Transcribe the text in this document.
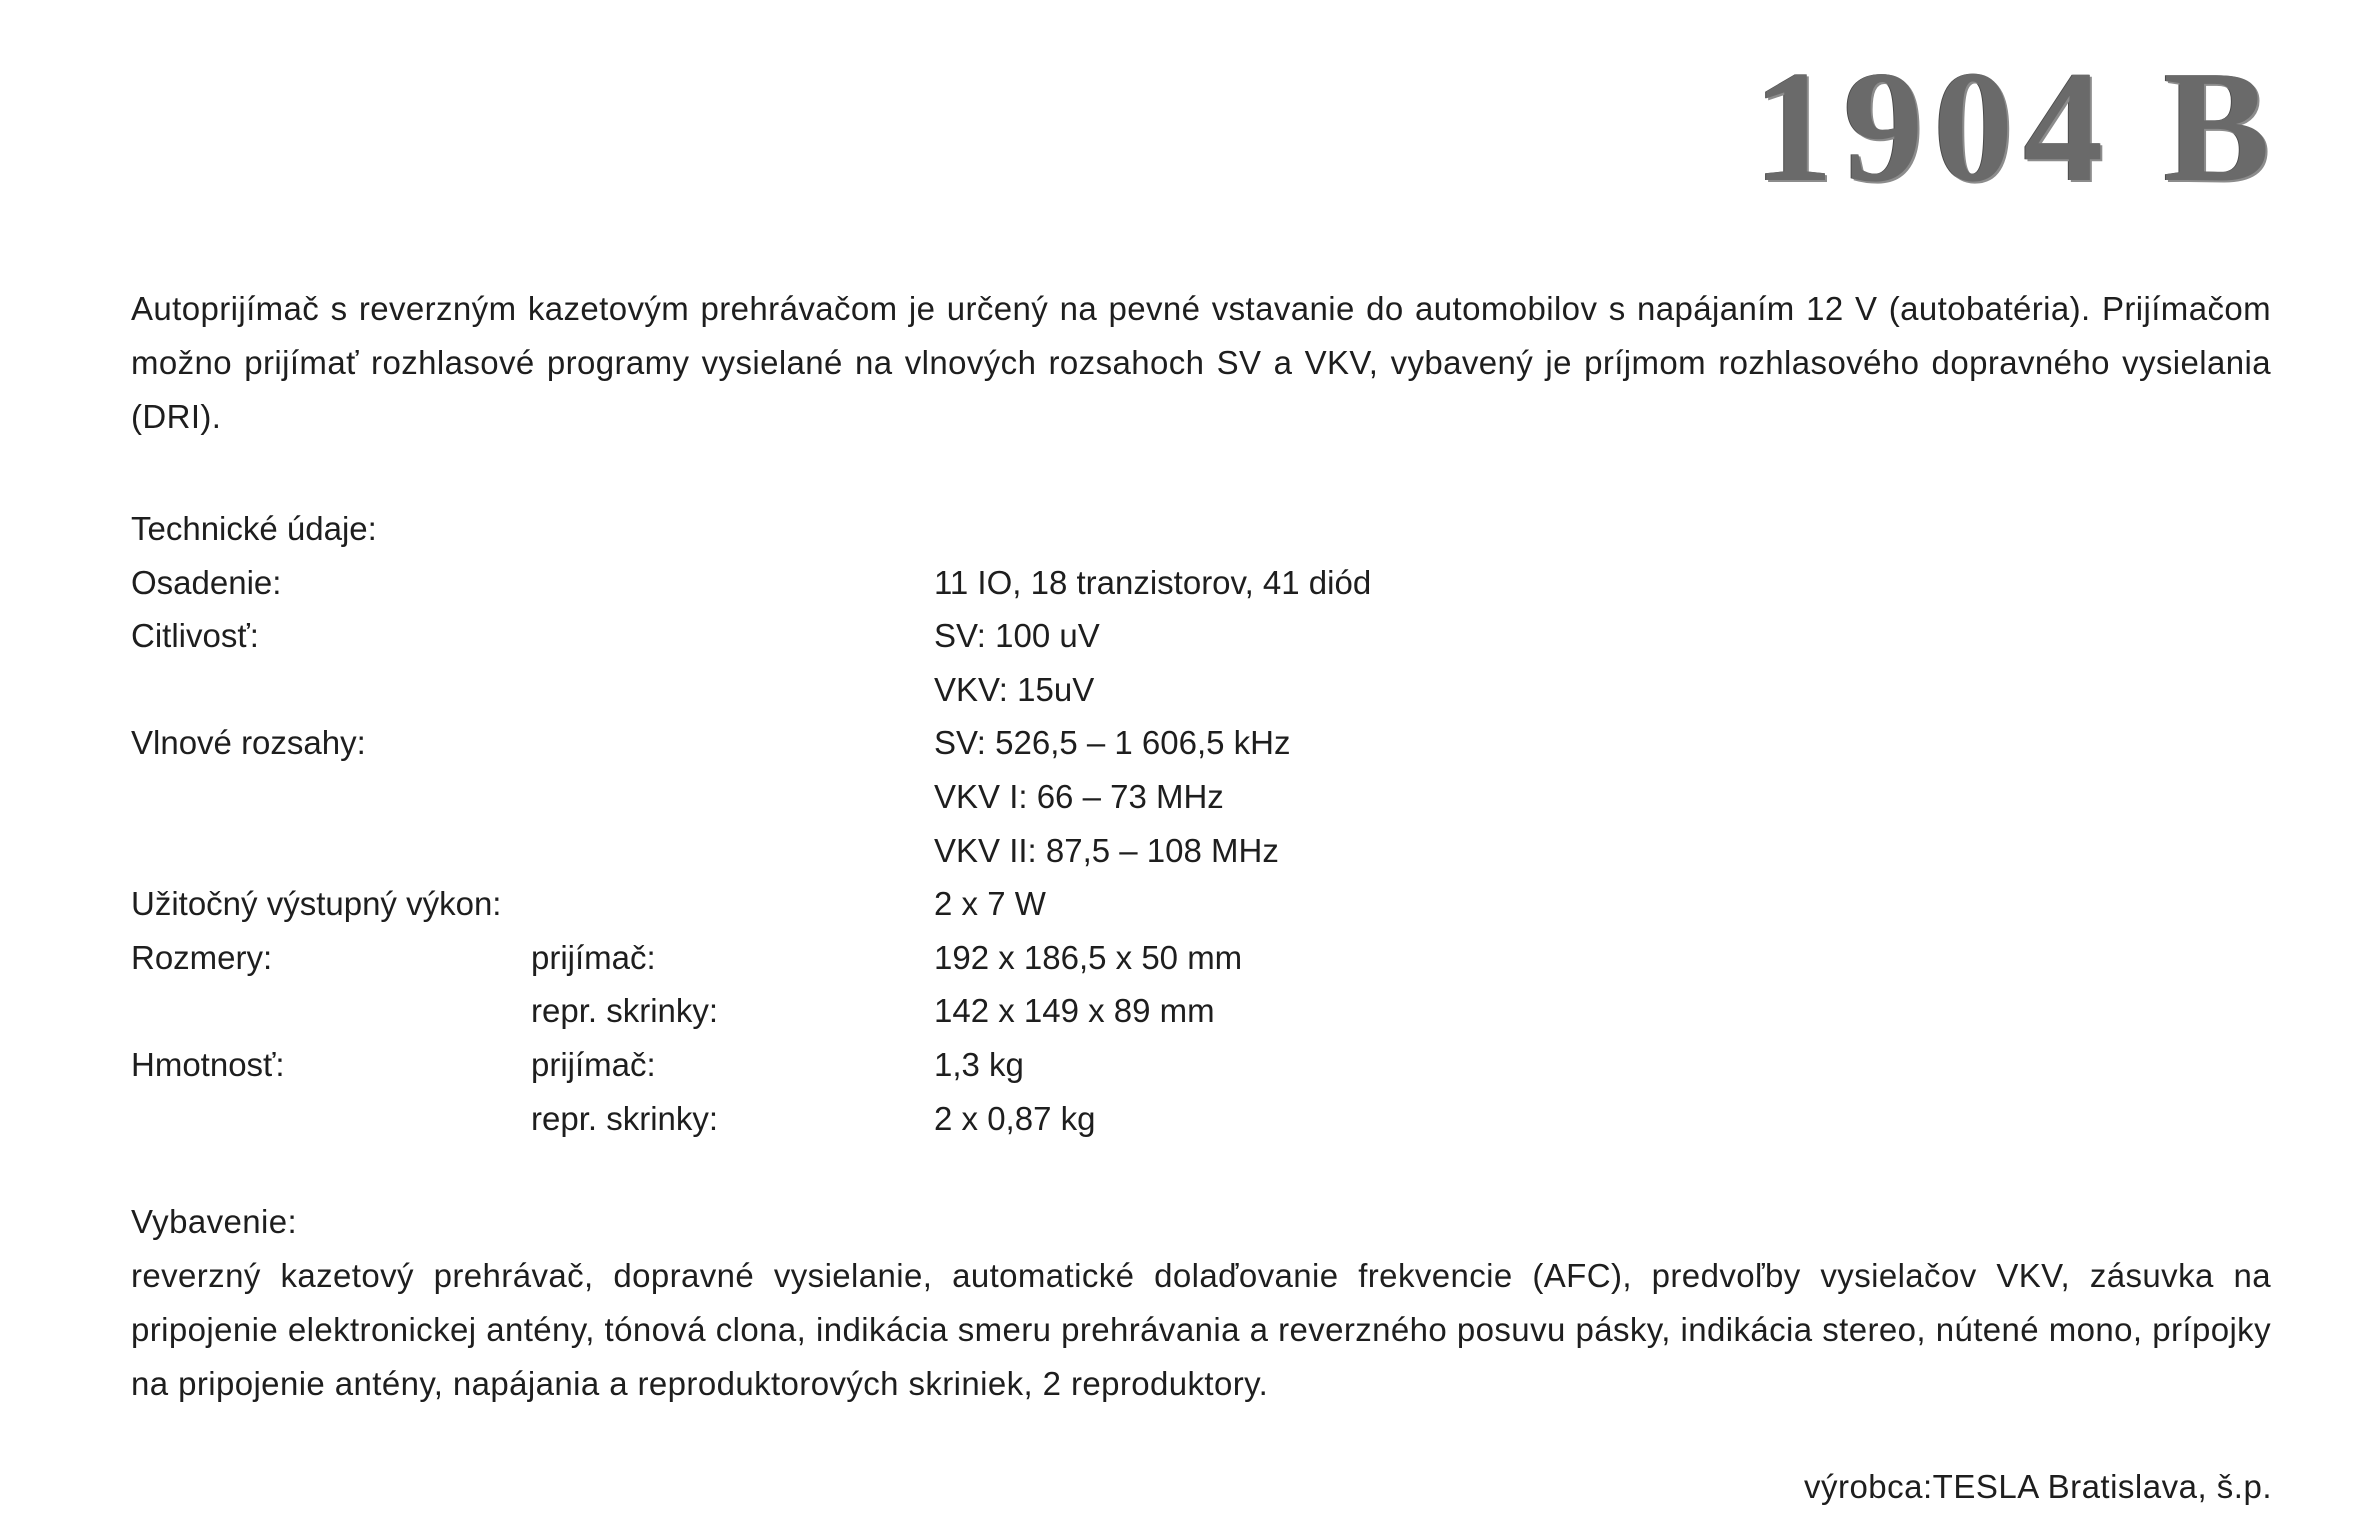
1904 B

Autoprijímač s reverzným kazetovým prehrávačom je určený na pevné vstavanie do automobilov s napájaním 12 V (autobatéria). Prijímačom možno prijímať rozhlasové programy vysielané na vlnových rozsahoch SV a VKV, vybavený je príjmom rozhlasového dopravného vysielania (DRI).

Technické údaje:
Osadenie:	11 IO, 18 tranzistorov, 41 diód
Citlivosť:	SV: 100 uV
VKV: 15uV
Vlnové rozsahy:	SV: 526,5 – 1 606,5 kHz
VKV I: 66 – 73 MHz
VKV II: 87,5 – 108 MHz
Užitočný výstupný výkon:	2 x 7 W
Rozmery:	prijímač:	192 x 186,5 x 50 mm
repr. skrinky:	142 x 149 x 89 mm
Hmotnosť:	prijímač:	1,3 kg
repr. skrinky:	2 x 0,87 kg
Vybavenie:
reverzný kazetový prehrávač, dopravné vysielanie, automatické dolaďovanie frekvencie (AFC), predvoľby vysielačov VKV, zásuvka na pripojenie elektronickej antény, tónová clona, indikácia smeru prehrávania a reverzného posuvu pásky, indikácia stereo, nútené mono, prípojky na pripojenie antény, napájania a reproduktorových skriniek, 2 reproduktory.
výrobca:TESLA Bratislava, š.p.
